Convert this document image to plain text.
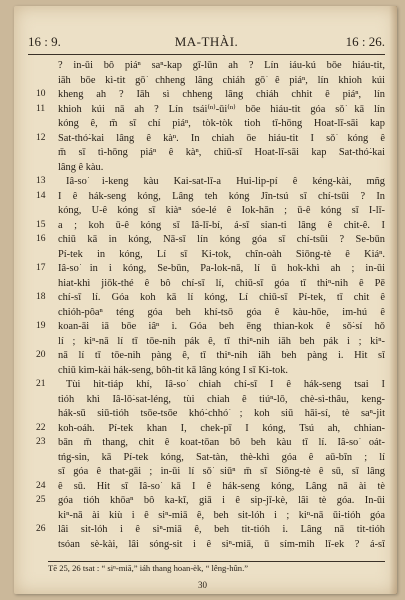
16 : 9.	MA-THÀI.	16 : 26.
? in-ūi bô piáⁿ saⁿ-kap gī-lūn ah ? Lín iáu-kú bōe hiáu-tit,
iāh bōe kì-tit gō͘ chheng lâng chiáh gō͘ ê piáⁿ, lín khioh kúi
10	kheng ah ? Iāh sì chheng lâng chiáh chhit ê piáⁿ, lín
11	khioh kúi nā ah ? Lín tsái⁽ⁿ⁾-ūi⁽ⁿ⁾ bōe hiáu-tit góa sǒ͘ kā lín
kóng ê, m̄ sī chí piáⁿ, tòk-tòk tioh tī-hōng Hoat-lī-sāi kap
12	Sat-thó͘-kai lâng ê kàⁿ. In chiah ōe hiáu-tit I sǒ͘ kóng ê
m̄ sī tì-hōng piáⁿ ê kàⁿ, chiū-sī Hoat-lī-sāi kap Sat-thó͘-kai
lâng ê kàu.
13	Iâ-so͘ i-keng kàu Kai-sat-lī-a Hui-lip-pí ê kéng-kài, mñg
14	I ê hák-seng kóng, Lâng teh kóng Jîn-tsú sī chí-tsūi ? In
kóng, U-ê kóng sī kiàⁿ sóe-lé ê Iok-hān ; ū-ê kóng sī I-lī-
15	a ; koh ū-ê kóng sī Iâ-lī-bí, á-sī sian-ti lâng ê chit-ê. I
16	chiū kā in kóng, Nā-sī lín kóng góa sī chí-tsūi ? Se-būn
Pí-tek in kóng, Lí sī Ki-tok, chîn-oàh Siōng-tè ê Kiáⁿ.
17	Iâ-so͘ in i kóng, Se-būn, Pa-lok-nā, lí ū hok-khì ah ; in-ūi
hiat-khì jiōk-thé ê bô chí-sī lí, chiū-sī góa tī thiⁿ-nih ê Pē
18	chí-sī lí. Góa koh kā lí kóng, Lí chiū-sī Pí-tek, tī chit ê
chióh-pôaⁿ téng góa beh khí-tsō góa ê kàu-hōe, im-hú ê
19	koan-āi iā bōe iâⁿ i. Góa beh ēng thian-kok ê sǒ͘-sí hǒ͘
lí ; kiⁿ-nā lí tī tōe-nih pák ê, tī thiⁿ-nih iāh beh pák i ; kiⁿ-
20	nā lí tī tōe-nih pàng ê, tī thiⁿ-nih iāh beh pàng i. Hit sī
chiū kìm-kài hák-seng, bôh-tit kā lâng kóng I sī Ki-tok.
21	Tùi hit-tiáp khí, Iâ-so͘ chiah chí-sī I ê hák-seng tsai I
tióh khì Iâ-lō͘-sat-léng, tùi chiah ê tiúⁿ-lō, chè-sì-thâu, keng-
hák-sū siū-tióh tsōe-tsōe khó͘-chhó͘ ; koh siū hāi-sí, tè saⁿ-jit
22	koh-oáh. Pí-tek khan I, chek-pī I kóng, Tsú ah, chhian-
23	bān m̄ thang, chit ê koat-tōan bô beh kàu tī lí. Iâ-so͘ oát-
tńg-sin, kā Pí-tek kóng, Sat-tàn, thè-khì góa ê aū-bīn ; lí
sī góa ê that-gāi ; in-ūi lí sǒ͘ siūⁿ m̄ sī Siōng-tè ê sū, sī lâng
24	ê sū. Hit sī Iâ-so͘ kā I ê hák-seng kóng, Lâng nā ài tè
25	góa tióh khōaⁿ bô ka-kī, giā i ê sip-jī-kè, lâi tè góa. In-ūi
kiⁿ-nā ài kiù i ê siⁿ-miā ê, beh sit-lóh i ; kiⁿ-nā ūi-tióh góa
26	lâi sit-lóh i ê siⁿ-miā ê, beh tit-tióh i. Lâng nā tit-tióh
tsóan sè-kài, lâi sóng-sit i ê siⁿ-miā, ū sím-mih lī-ek ? á-sī
Tē 25, 26 tsat : “ siⁿ-miā,” iáh thang hoan-èk, “ lêng-hûn.”
30
